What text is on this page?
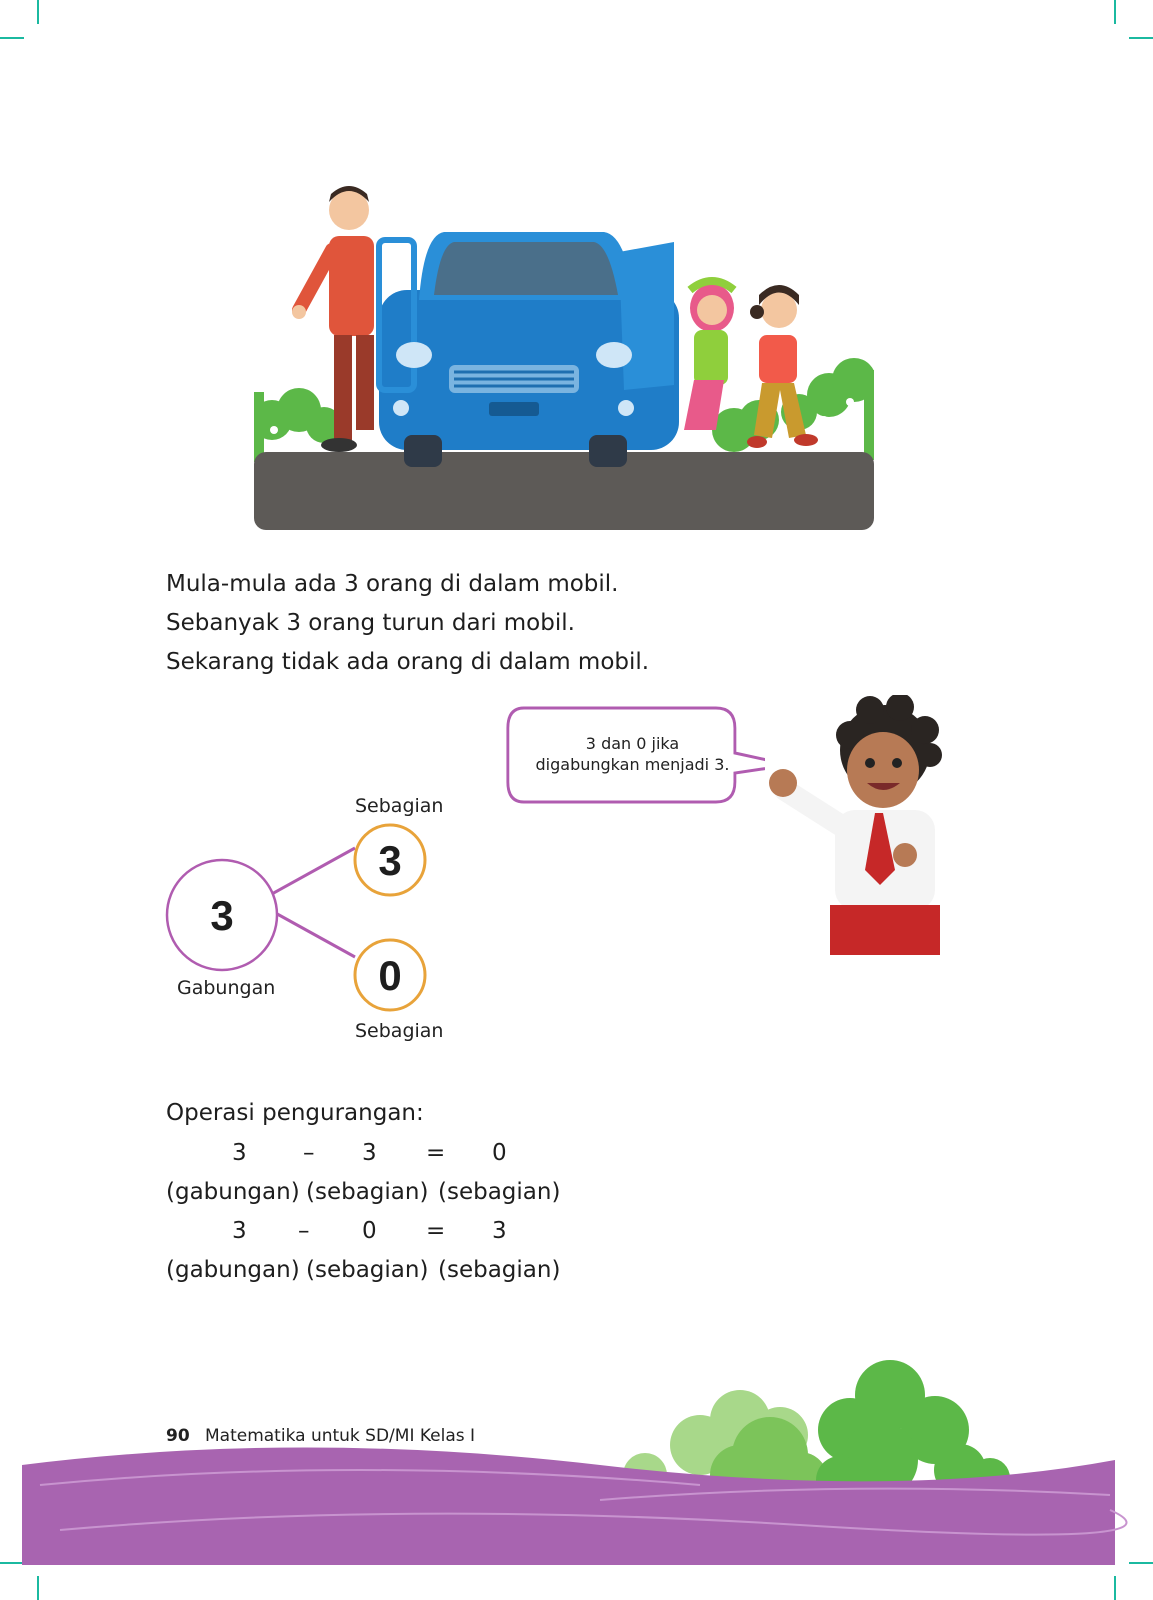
Mula-mula ada 3 orang di dalam mobil.
Sebanyak 3 orang turun dari mobil.
Sekarang tidak ada orang di dalam mobil.
3 dan 0 jika
digabungkan menjadi 3.
3
3
0
Sebagian
Gabungan
Sebagian
Operasi pengurangan:
3 – 3 = 0
(gabungan) (sebagian) (sebagian)
3 – 0 = 3
(gabungan) (sebagian) (sebagian)
90 Matematika untuk SD/MI Kelas I
